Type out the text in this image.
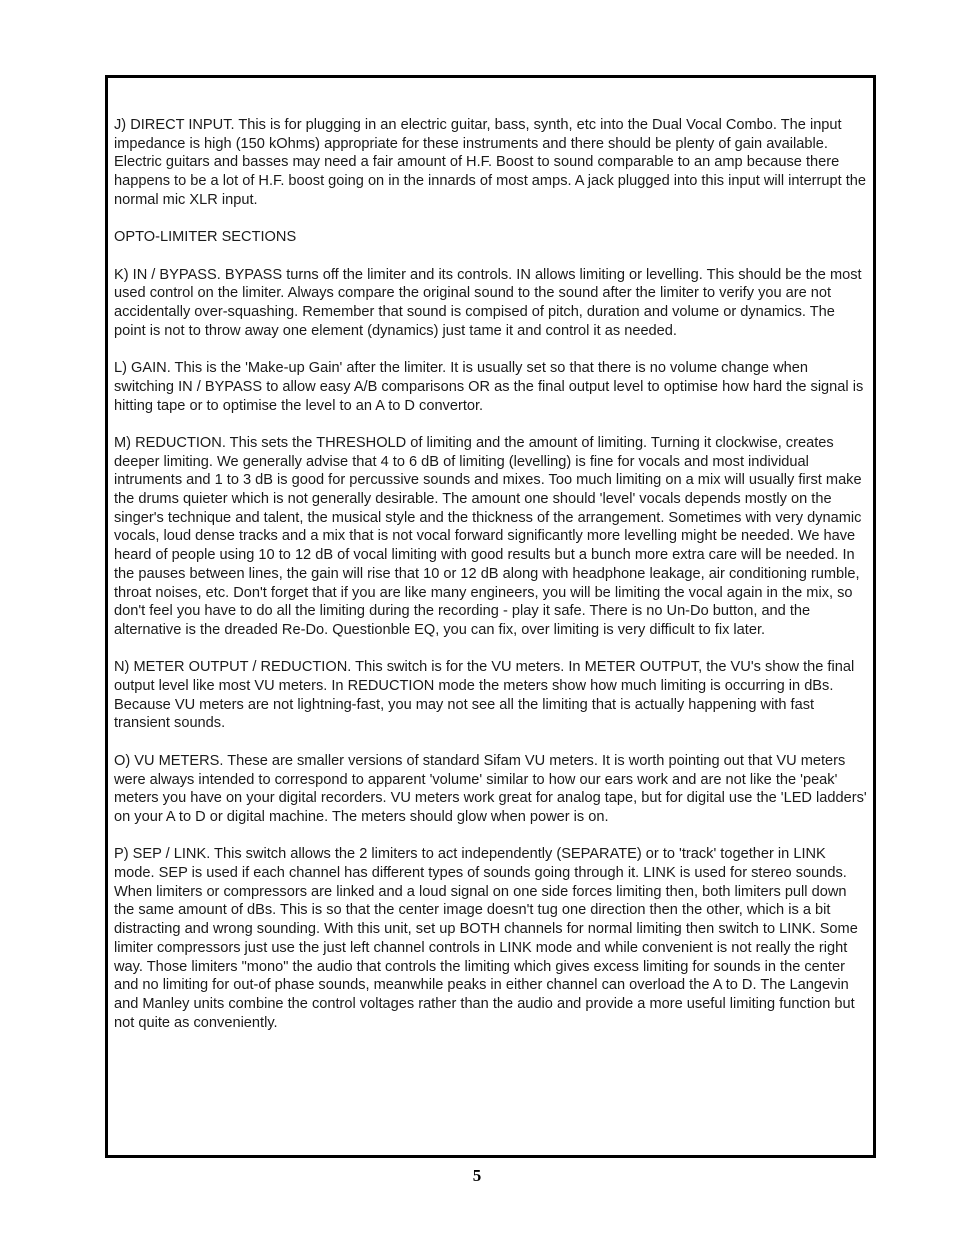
J) DIRECT INPUT. This is for plugging in an electric guitar, bass, synth, etc into the Dual Vocal Combo. The input impedance is high (150 kOhms) appropriate for these instruments and there should be plenty of gain available. Electric guitars and basses may need a fair amount of H.F. Boost to sound comparable to an amp because there happens to be a lot of H.F. boost going on in the innards of most amps. A jack plugged into this input will interrupt the normal mic XLR input.

OPTO-LIMITER SECTIONS

K) IN / BYPASS. BYPASS turns off the limiter and its controls. IN allows limiting or levelling. This should be the most used control on the limiter. Always compare the original sound to the sound after the limiter to verify you are not accidentally over-squashing. Remember that sound is compised of pitch, duration and volume or dynamics. The point is not to throw away one element (dynamics) just tame it and control it as needed.

L) GAIN. This is the 'Make-up Gain' after the limiter. It is usually set so that there is no volume change when switching IN / BYPASS to allow easy A/B comparisons OR as the final output level to optimise how hard the signal is hitting tape or to optimise the level to an A to D convertor.

M) REDUCTION. This sets the THRESHOLD of limiting and the amount of limiting. Turning it clockwise, creates deeper limiting. We generally advise that 4 to 6 dB of limiting (levelling) is fine for vocals and most individual intruments and 1 to 3 dB is good for percussive sounds and mixes. Too much limiting on a mix will usually first make the drums quieter which is not generally desirable. The amount one should 'level' vocals depends mostly on the singer's technique and talent, the musical style and the thickness of the arrangement. Sometimes with very dynamic vocals, loud dense tracks and a mix that is not vocal forward significantly more levelling might be needed. We have heard of people using 10 to 12 dB of vocal limiting with good results but a bunch more extra care will be needed. In the pauses between lines, the gain will rise that 10 or 12 dB along with headphone leakage, air conditioning rumble, throat noises, etc. Don't forget that if you are like many engineers, you will be limiting the vocal again in the mix, so don't feel you have to do all the limiting during the recording - play it safe. There is no Un-Do button, and the alternative is the dreaded Re-Do. Questionble EQ, you can fix, over limiting is very difficult to fix later.

N) METER OUTPUT / REDUCTION. This switch is for the VU meters. In METER OUTPUT, the VU's show the final output level like most VU meters. In REDUCTION mode the meters show how much limiting is occurring in dBs. Because VU meters are not lightning-fast, you may not see all the limiting that is actually happening with fast transient sounds.

O) VU METERS. These are smaller versions of standard Sifam VU meters. It is worth pointing out that VU meters were always intended to correspond to apparent 'volume' similar to how our ears work and are not like the 'peak' meters you have on your digital recorders. VU meters work great for analog tape, but for digital use the 'LED ladders' on your A to D or digital machine. The meters should glow when power is on.

P) SEP / LINK. This switch allows the 2 limiters to act independently (SEPARATE) or to 'track' together in LINK mode. SEP is used if each channel has different types of sounds going through it. LINK is used for stereo sounds. When limiters or compressors are linked and a loud signal on one side forces limiting then, both limiters pull down the same amount of dBs. This is so that the center image doesn't tug one direction then the other, which is a bit distracting and wrong sounding. With this unit, set up BOTH channels for normal limiting then switch to LINK. Some limiter compressors just use the just left channel controls in LINK mode and while convenient is not really the right way. Those limiters "mono" the audio that controls the limiting which gives excess limiting for sounds in the center and no limiting for out-of phase sounds, meanwhile peaks in either channel can overload the A to D. The Langevin and Manley units combine the control voltages rather than the audio and provide a more useful limiting function but not quite as conveniently.

5
